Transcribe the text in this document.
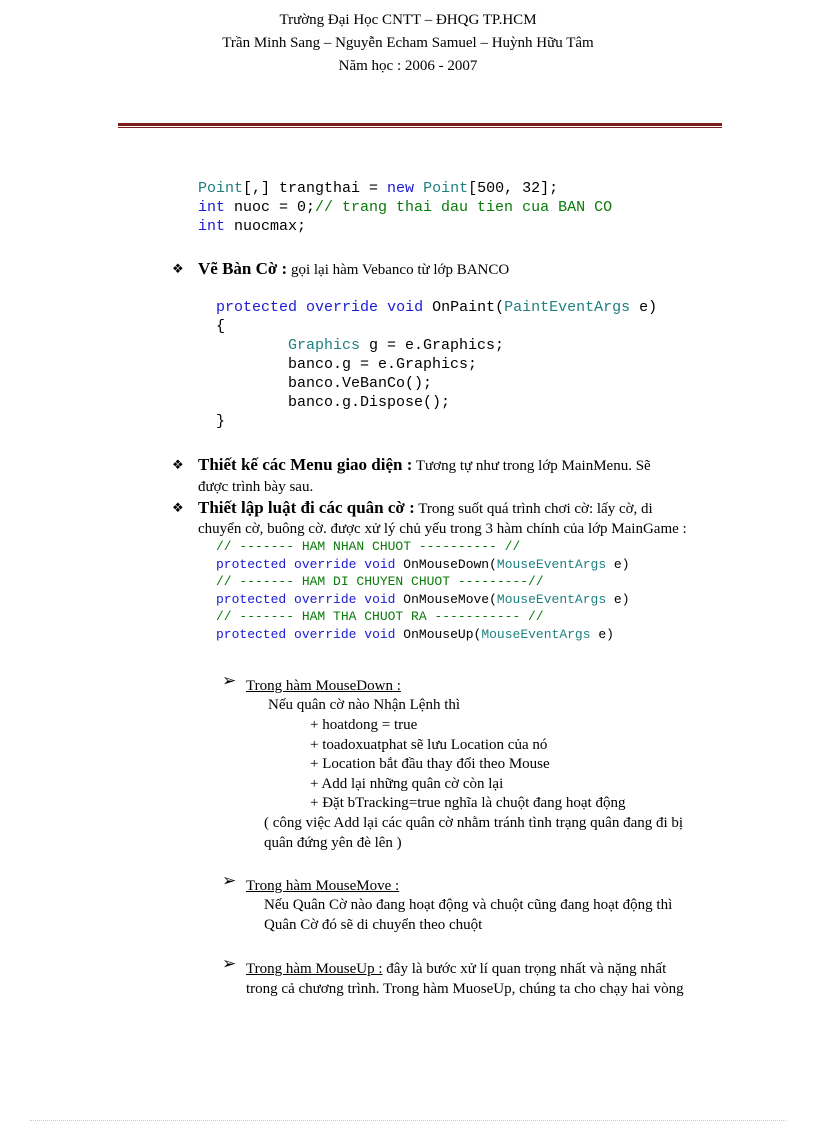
Trường Đại Học CNTT – ĐHQG TP.HCM
Trần Minh Sang – Nguyễn Echam Samuel – Huỳnh Hữu Tâm
Năm học : 2006 - 2007
Point[,] trangthai = new Point[500, 32];
int nuoc = 0;// trang thai dau tien cua BAN CO
int nuocmax;
❖ Vẽ Bàn Cờ : gọi lại hàm Vebanco từ lớp BANCO
protected override void OnPaint(PaintEventArgs e)
{
Graphics g = e.Graphics;
banco.g = e.Graphics;
banco.VeBanCo();
banco.g.Dispose();
}
❖ Thiết kế các Menu giao diện : Tương tự như trong lớp MainMenu. Sẽ
được trình bày sau.
❖ Thiết lập luật đi các quân cờ : Trong suốt quá trình chơi cờ: lấy cờ, di
chuyển cờ, buông cờ. được xử lý chủ yếu trong 3 hàm chính của lớp MainGame :
// ------- HAM NHAN CHUOT ---------- //
protected override void OnMouseDown(MouseEventArgs e)
// ------- HAM DI CHUYEN CHUOT ---------//
protected override void OnMouseMove(MouseEventArgs e)
// ------- HAM THA CHUOT RA ----------- //
protected override void OnMouseUp(MouseEventArgs e)
➢ Trong hàm MouseDown :
Nếu quân cờ nào Nhận Lệnh thì
+ hoatdong = true
+ toadoxuatphat sẽ lưu Location của nó
+ Location bắt đầu thay đổi theo Mouse
+ Add lại những quân cờ còn lại
+ Đặt bTracking=true nghĩa là chuột đang hoạt động
( công việc Add lại các quân cờ nhằm tránh tình trạng quân đang đi bị
quân đứng yên đè lên )
➢ Trong hàm MouseMove :
Nếu Quân Cờ nào đang hoạt động và chuột cũng đang hoạt động thì
Quân Cờ đó sẽ di chuyển theo chuột
➢ Trong hàm MouseUp : đây là bước xử lí quan trọng nhất và nặng nhất
trong cả chương trình. Trong hàm MuoseUp, chúng ta cho chạy hai vòng
